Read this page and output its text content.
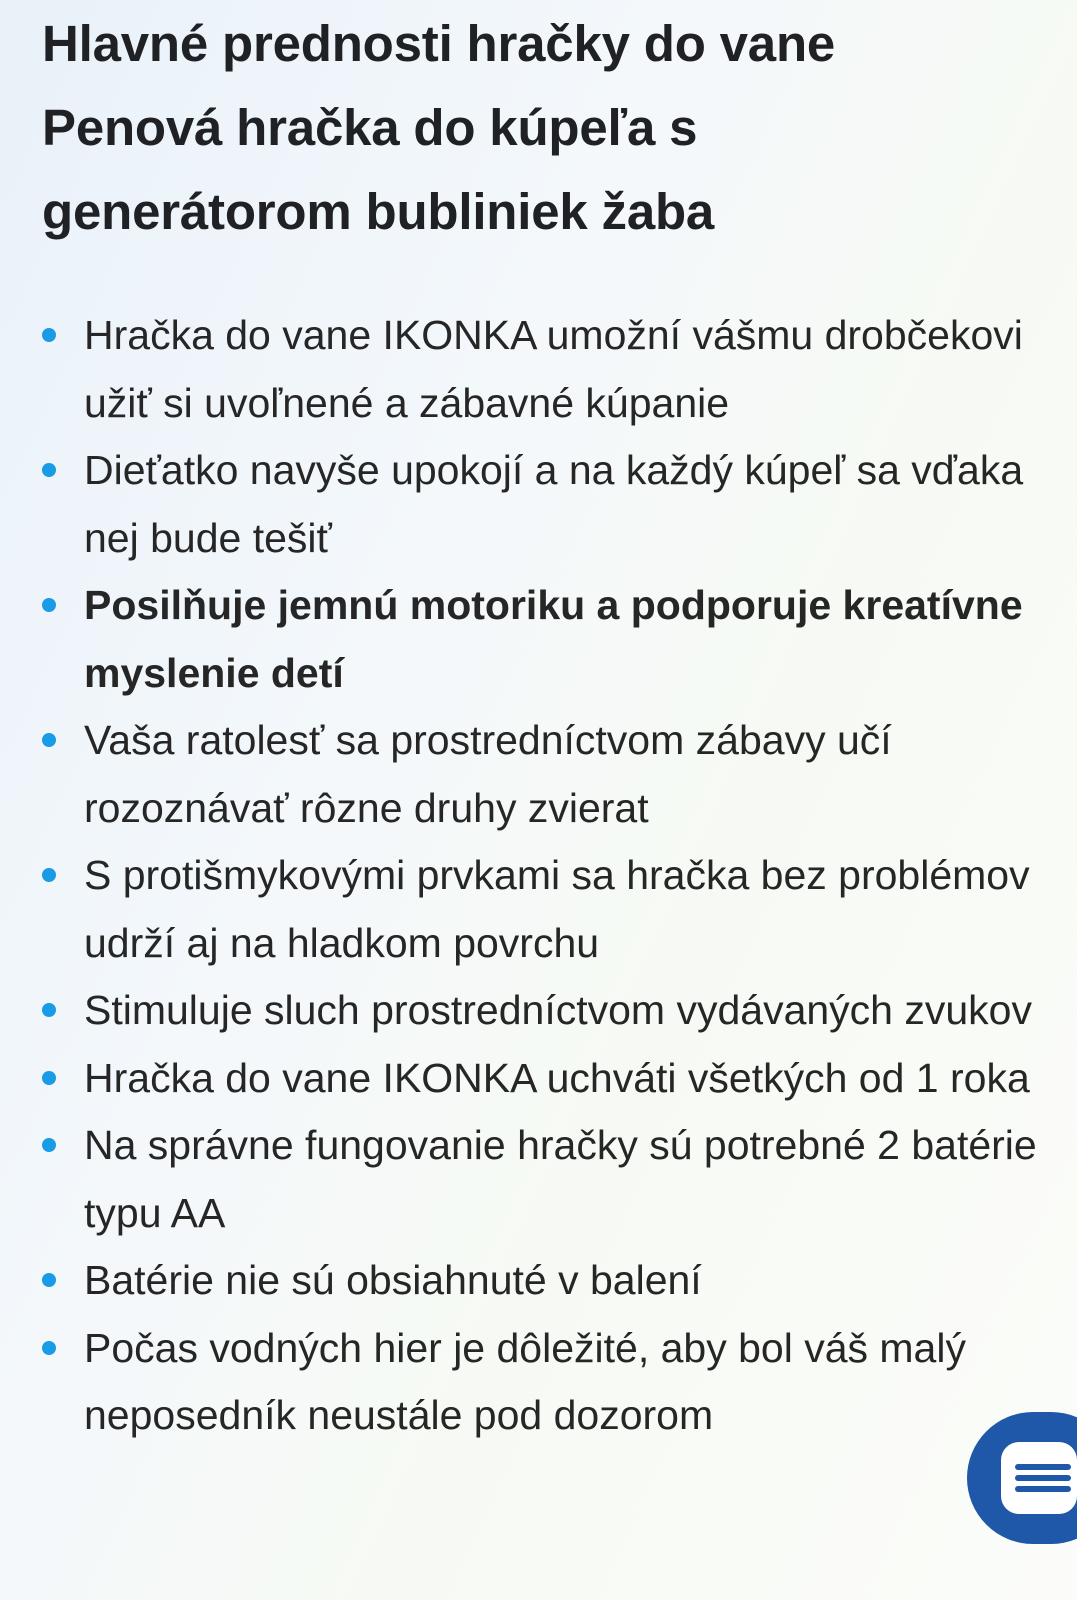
Hlavné prednosti hračky do vane
Penová hračka do kúpeľa s
generátorom bubliniek žaba
Hračka do vane IKONKA umožní vášmu drobčekovi užiť si uvoľnené a zábavné kúpanie
Dieťatko navyše upokojí a na každý kúpeľ sa vďaka nej bude tešiť
Posilňuje jemnú motoriku a podporuje kreatívne myslenie detí
Vaša ratolesť sa prostredníctvom zábavy učí rozoznávať rôzne druhy zvierat
S protišmykovými prvkami sa hračka bez problémov udrží aj na hladkom povrchu
Stimuluje sluch prostredníctvom vydávaných zvukov
Hračka do vane IKONKA uchváti všetkých od 1 roka
Na správne fungovanie hračky sú potrebné 2 batérie typu AA
Batérie nie sú obsiahnuté v balení
Počas vodných hier je dôležité, aby bol váš malý neposedník neustále pod dozorom
